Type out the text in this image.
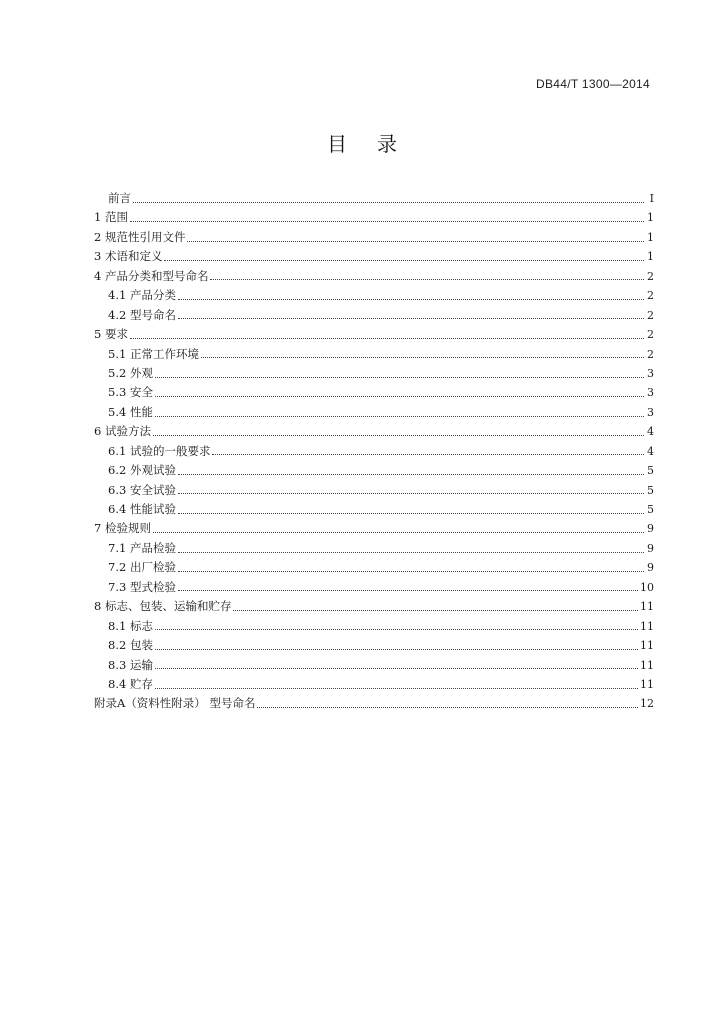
DB44/T 1300—2014
目录
前言	I
1 范围	1
2 规范性引用文件	1
3 术语和定义	1
4 产品分类和型号命名	2
4.1 产品分类	2
4.2 型号命名	2
5 要求	2
5.1 正常工作环境	2
5.2 外观	3
5.3 安全	3
5.4 性能	3
6 试验方法	4
6.1 试验的一般要求	4
6.2 外观试验	5
6.3 安全试验	5
6.4 性能试验	5
7 检验规则	9
7.1 产品检验	9
7.2 出厂检验	9
7.3 型式检验	10
8 标志、包装、运输和贮存	11
8.1 标志	11
8.2 包装	11
8.3 运输	11
8.4 贮存	11
附录A（资料性附录） 型号命名	12
